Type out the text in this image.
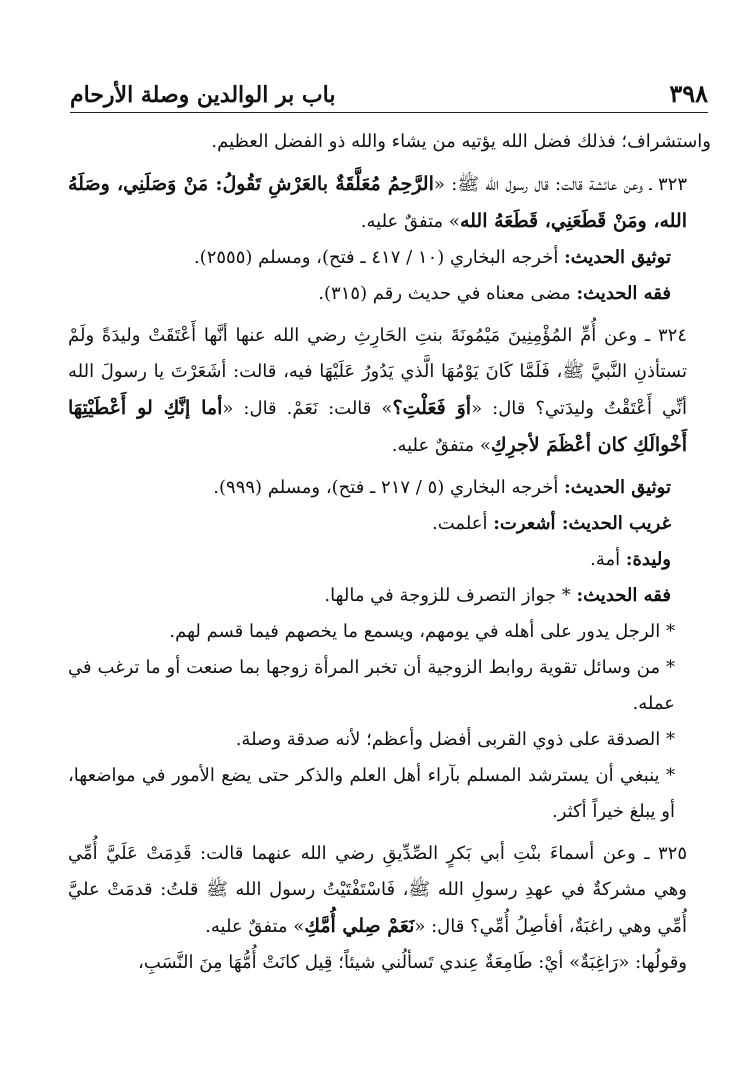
٣٩٨
باب بر الوالدين وصلة الأرحام

واستشراف؛ فذلك فضل الله يؤتيه من يشاء والله ذو الفضل العظيم.

٣٢٣ ـ وعن عائشة قالت: قال رسول الله ﷺ: «الرَّحِمُ مُعَلَّقَةٌ بالعَرْشِ تَقُولُ: مَنْ وَصَلَنِي، وصَلَهُ الله، ومَنْ قَطَعَنِي، قَطَعَهُ الله» متفقٌ عليه.

توثيق الحديث: أخرجه البخاري (١٠ / ٤١٧ ـ فتح)، ومسلم (٢٥٥٥).

فقه الحديث: مضى معناه في حديث رقم (٣١٥).

٣٢٤ ـ وعن أُمِّ المُؤْمِنِينَ مَيْمُونَةَ بنتِ الحَارِثِ رضي الله عنها أنَّها أَعْتَقَتْ وليدَةً ولَمْ تستأذنِ النَّبيَّ ﷺ، فَلَمَّا كَانَ يَوْمُهَا الَّذي يَدُورُ عَلَيْهَا فيه، قالت: أشَعَرْتَ يا رسولَ الله أنِّي أَعْتَقْتُ وليدَتي؟ قال: «أوَ فَعَلْتِ؟» قالت: نَعَمْ. قال: «أما إنَّكِ لو أَعْطَيْتِهَا أَخْوالَكِ كان أعْظَمَ لأجرِكِ» متفقٌ عليه.

توثيق الحديث: أخرجه البخاري (٥ / ٢١٧ ـ فتح)، ومسلم (٩٩٩).

غريب الحديث: أشعرت: أعلمت.

وليدة: أمة.

فقه الحديث: * جواز التصرف للزوجة في مالها.

* الرجل يدور على أهله في يومهم، ويسمع ما يخصهم فيما قسم لهم.

* من وسائل تقوية روابط الزوجية أن تخبر المرأة زوجها بما صنعت أو ما ترغب في عمله.

* الصدقة على ذوي القربى أفضل وأعظم؛ لأنه صدقة وصلة.

* ينبغي أن يسترشد المسلم بآراء أهل العلم والذكر حتى يضع الأمور في مواضعها، أو يبلغ خيراً أكثر.

٣٢٥ ـ وعن أسماءَ بنْتِ أبي بَكرٍ الصِّدِّيقِ رضي الله عنهما قالت: قَدِمَتْ عَلَيَّ أُمِّي وهي مشركةٌ في عهدِ رسولِ الله ﷺ، فَاسْتَفْتَيْتُ رسول الله ﷺ قلتُ: قدمَتْ عليَّ أُمِّي وهي راغبَةٌ، أفأصِلُ أُمِّي؟ قال: «نَعَمْ صِلي أُمَّكِ» متفقٌ عليه.

وقولُها: «رَاغِبَةٌ» أيْ: طَامِعَةٌ عِندي تَسألُني شيئاً؛ قِيل كانَتْ أُمُّهَا مِنَ النَّسَبِ،
